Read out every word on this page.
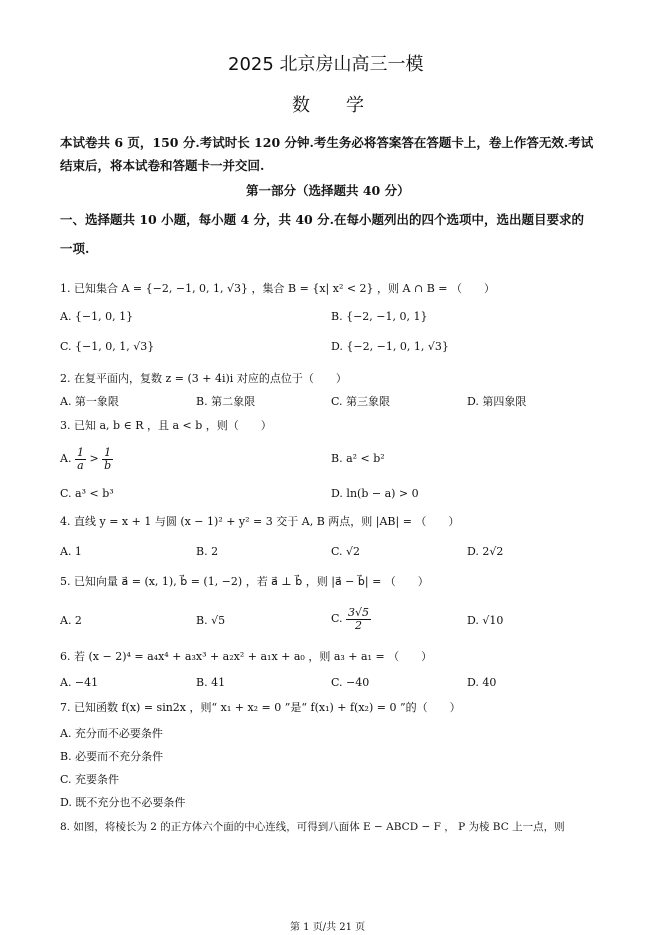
2025 北京房山高三一模
数　　学
本试卷共 6 页，150 分.考试时长 120 分钟.考生务必将答案答在答题卡上，卷上作答无效.考试
结束后，将本试卷和答题卡一并交回.
第一部分（选择题共 40 分）
一、选择题共 10 小题，每小题 4 分，共 40 分.在每小题列出的四个选项中，选出题目要求的
一项.
1. 已知集合 A = {−2, −1, 0, 1, √3} ，集合 B = {x| x² < 2} ，则 A ∩ B = （　　）
A. {−1, 0, 1}	B. {−2, −1, 0, 1}
C. {−1, 0, 1, √3}	D. {−2, −1, 0, 1, √3}
2. 在复平面内，复数 z = (3 + 4i)i 对应的点位于（　　）
A. 第一象限	B. 第二象限	C. 第三象限	D. 第四象限
3. 已知 a, b ∈ R ，且 a < b ，则（　　）
A. $\frac{1}{a} > \frac{1}{b}$	B. a² < b²
C. a³ < b³	D. ln(b − a) > 0
4. 直线 y = x + 1 与圆 (x − 1)² + y² = 3 交于 A, B 两点，则 |AB| = （　　）
A. 1	B. 2	C. √2	D. 2√2
5. 已知向量 a⃗ = (x, 1), b⃗ = (1, −2) ，若 a⃗ ⊥ b⃗ ，则 |a⃗ − b⃗| = （　　）
A. 2	B. √5	C. $\frac{3√5}{2}$	D. √10
6. 若 (x − 2)⁴ = a₄x⁴ + a₃x³ + a₂x² + a₁x + a₀ ，则 a₃ + a₁ = （　　）
A. −41	B. 41	C. −40	D. 40
7. 已知函数 f(x) = sin2x ，则“ x₁ + x₂ = 0 ”是“ f(x₁) + f(x₂) = 0 ”的（　　）
A. 充分而不必要条件
B. 必要而不充分条件
C. 充要条件
D. 既不充分也不必要条件
8. 如图，将棱长为 2 的正方体六个面的中心连线，可得到八面体 E − ABCD − F ， P 为棱 BC 上一点，则
第 1 页/共 21 页
